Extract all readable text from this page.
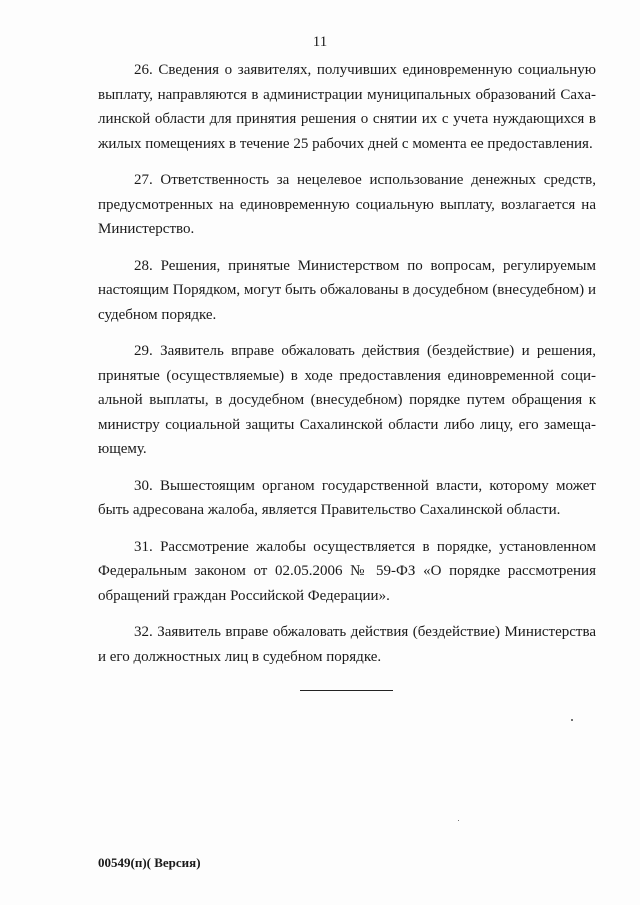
11

26. Сведения о заявителях, получивших единовременную социальную выплату, направляются в администрации муниципальных образований Сахалинской области для принятия решения о снятии их с учета нуждающихся в жилых помещениях в течение 25 рабочих дней с момента ее предоставления.

27. Ответственность за нецелевое использование денежных средств, предусмотренных на единовременную социальную выплату, возлагается на Министерство.

28. Решения, принятые Министерством по вопросам, регулируемым настоящим Порядком, могут быть обжалованы в досудебном (внесудебном) и судебном порядке.

29. Заявитель вправе обжаловать действия (бездействие) и решения, принятые (осуществляемые) в ходе предоставления единовременной социальной выплаты, в досудебном (внесудебном) порядке путем обращения к министру социальной защиты Сахалинской области либо лицу, его замещающему.

30. Вышестоящим органом государственной власти, которому может быть адресована жалоба, является Правительство Сахалинской области.

31. Рассмотрение жалобы осуществляется в порядке, установленном Федеральным законом от 02.05.2006 № 59-ФЗ «О порядке рассмотрения обращений граждан Российской Федерации».

32. Заявитель вправе обжаловать действия (бездействие) Министерства и его должностных лиц в судебном порядке.

00549(п)( Версия)
